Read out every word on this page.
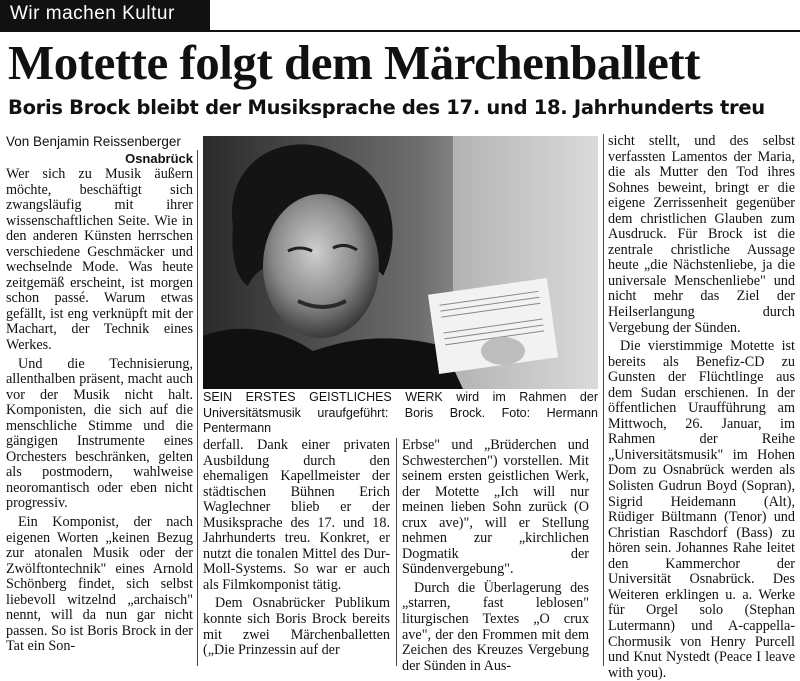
Wir machen Kultur
Motette folgt dem Märchenballett
Boris Brock bleibt der Musiksprache des 17. und 18. Jahrhunderts treu
Von Benjamin Reissenberger
Osnabrück

Wer sich zu Musik äußern möchte, beschäftigt sich zwangsläufig mit ihrer wissenschaftlichen Seite. Wie in den anderen Künsten herrschen verschiedene Geschmäcker und wechselnde Mode. Was heute zeitgemäß erscheint, ist morgen schon passé. Warum etwas gefällt, ist eng verknüpft mit der Machart, der Technik eines Werkes.

Und die Technisierung, allenthalben präsent, macht auch vor der Musik nicht halt. Komponisten, die sich auf die menschliche Stimme und die gängigen Instrumente eines Orchesters beschränken, gelten als postmodern, wahlweise neoromantisch oder eben nicht progressiv.

Ein Komponist, der nach eigenen Worten „keinen Bezug zur atonalen Musik oder der Zwölftontechnik" eines Arnold Schönberg findet, sich selbst liebevoll witzelnd „archaisch" nennt, will da nun gar nicht passen. So ist Boris Brock in der Tat ein Son-

SEIN ERSTES GEISTLICHES WERK wird im Rahmen der Universitätsmusik uraufgeführt: Boris Brock. Foto: Hermann Pentermann

derfall. Dank einer privaten Ausbildung durch den ehemaligen Kapellmeister der städtischen Bühnen Erich Waglechner blieb er der Musiksprache des 17. und 18. Jahrhunderts treu. Konkret, er nutzt die tonalen Mittel des Dur-Moll-Systems. So war er auch als Filmkomponist tätig.

Dem Osnabrücker Publikum konnte sich Boris Brock bereits mit zwei Märchenballetten („Die Prinzessin auf der

Erbse" und „Brüderchen und Schwesterchen") vorstellen. Mit seinem ersten geistlichen Werk, der Motette „Ich will nur meinen lieben Sohn zurück (O crux ave)", will er Stellung nehmen zur „kirchlichen Dogmatik der Sündenvergebung".

Durch die Überlagerung des „starren, fast leblosen" liturgischen Textes „O crux ave", der den Frommen mit dem Zeichen des Kreuzes Vergebung der Sünden in Aus-

sicht stellt, und des selbst verfassten Lamentos der Maria, die als Mutter den Tod ihres Sohnes beweint, bringt er die eigene Zerrissenheit gegenüber dem christlichen Glauben zum Ausdruck. Für Brock ist die zentrale christliche Aussage heute „die Nächstenliebe, ja die universale Menschenliebe" und nicht mehr das Ziel der Heilserlangung durch Vergebung der Sünden.

Die vierstimmige Motette ist bereits als Benefiz-CD zu Gunsten der Flüchtlinge aus dem Sudan erschienen. In der öffentlichen Uraufführung am Mittwoch, 26. Januar, im Rahmen der Reihe „Universitätsmusik" im Hohen Dom zu Osnabrück werden als Solisten Gudrun Boyd (Sopran), Sigrid Heidemann (Alt), Rüdiger Bültmann (Tenor) und Christian Raschdorf (Bass) zu hören sein. Johannes Rahe leitet den Kammerchor der Universität Osnabrück. Des Weiteren erklingen u. a. Werke für Orgel solo (Stephan Lutermann) und A-cappella-Chormusik von Henry Purcell und Knut Nystedt (Peace I leave with you).
